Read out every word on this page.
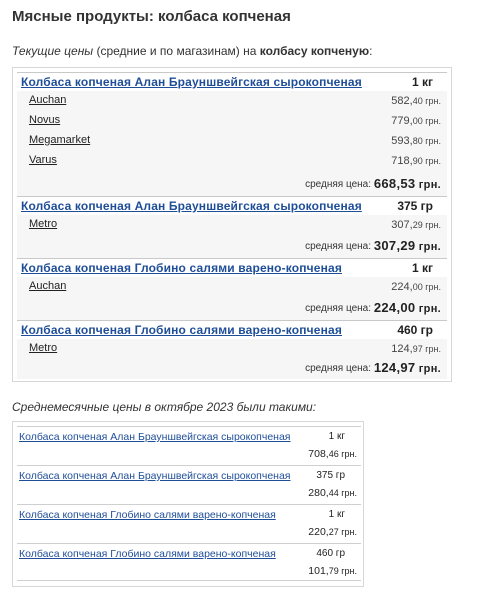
Мясные продукты: колбаса копченая
Текущие цены (средние и по магазинам) на колбасу копченую:
Колбаса копченая Алан Брауншвейгская сырокопченая	1 кг
Auchan	582,40 грн.
Novus	779,00 грн.
Megamarket	593,80 грн.
Varus	718,90 грн.
средняя цена: 668,53 грн.
Колбаса копченая Алан Брауншвейгская сырокопченая	375 гр
Metro	307,29 грн.
средняя цена: 307,29 грн.
Колбаса копченая Глобино салями варено-копченая	1 кг
Auchan	224,00 грн.
средняя цена: 224,00 грн.
Колбаса копченая Глобино салями варено-копченая	460 гр
Metro	124,97 грн.
средняя цена: 124,97 грн.
Среднемесячные цены в октябре 2023 были такими:
Колбаса копченая Алан Брауншвейгская сырокопченая	1 кг
708,46 грн.
Колбаса копченая Алан Брауншвейгская сырокопченая	375 гр
280,44 грн.
Колбаса копченая Глобино салями варено-копченая	1 кг
220,27 грн.
Колбаса копченая Глобино салями варено-копченая	460 гр
101,79 грн.
